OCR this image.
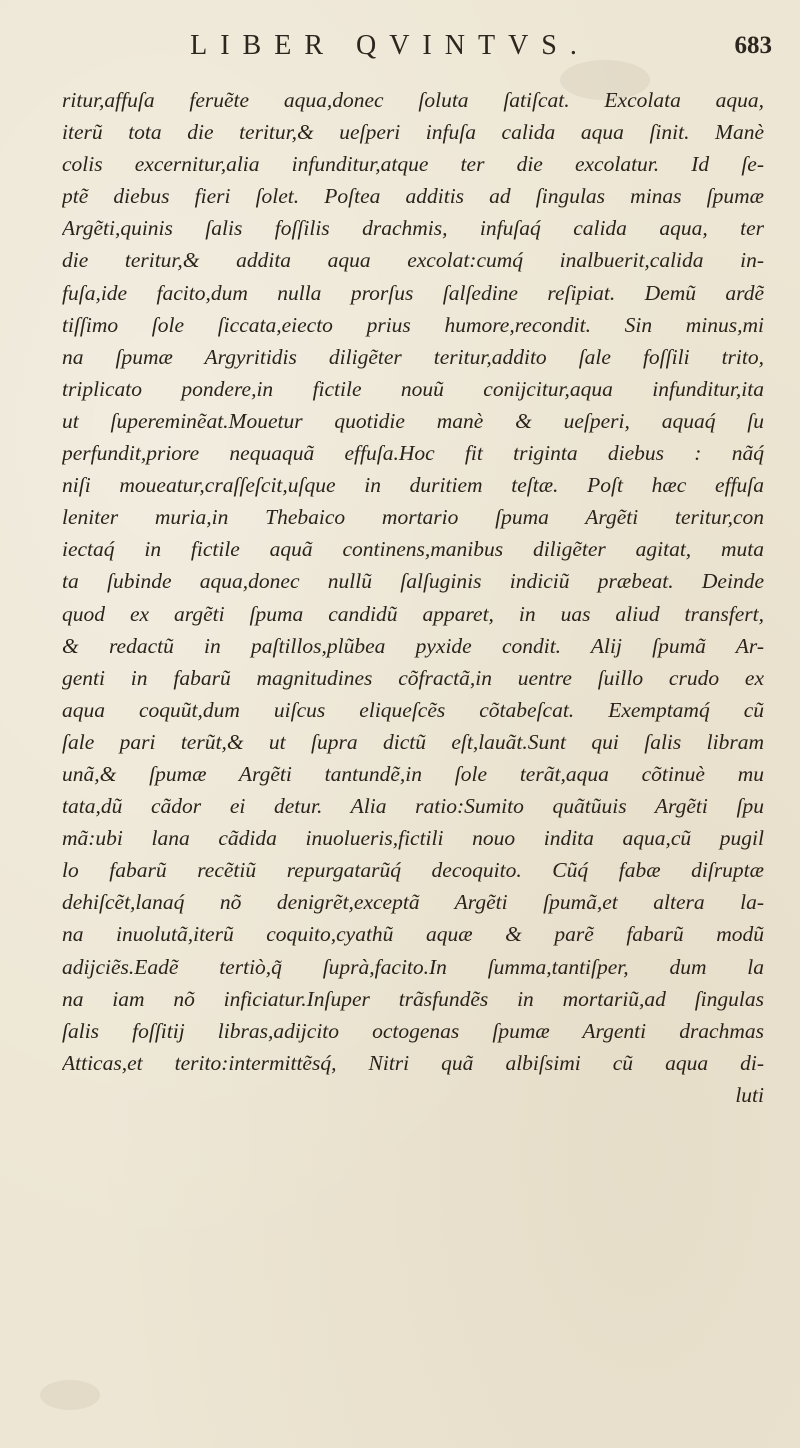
LIBER QVINTVS.	683
ritur,affuſa feruẽte aqua,donec ſoluta ſatiſcat. Excolata aqua,
iterũ tota die teritur,& ueſperi infuſa calida aqua ſinit. Manè
colis excernitur,alia infunditur,atque ter die excolatur. Id ſe-
ptẽ diebus fieri ſolet. Poſtea additis ad ſingulas minas ſpumæ
Argẽti,quinis ſalis foſſilis drachmis, infuſaq́ calida aqua, ter
die teritur,& addita aqua excolat:cumq́ inalbuerit,calida in-
fuſa,ide facito,dum nulla prorſus ſalſedine reſipiat. Demũ ardẽ
tiſſimo ſole ſiccata,eiecto prius humore,recondit. Sin minus,mi
na ſpumæ Argyritidis diligẽter teritur,addito ſale foſſili trito,
triplicato pondere,in fictile nouũ conijcitur,aqua infunditur,ita
ut ſupereminẽat.Mouetur quotidie manè & ueſperi, aquaq́ ſu
perfundit,priore nequaquã effuſa.Hoc fit triginta diebus : nãq́
niſi moueatur,craſſeſcit,uſque in duritiem teſtæ. Poſt hæc effuſa
leniter muria,in Thebaico mortario ſpuma Argẽti teritur,con
iectaq́ in fictile aquã continens,manibus diligẽter agitat, muta
ta ſubinde aqua,donec nullũ ſalſuginis indiciũ præbeat. Deinde
quod ex argẽti ſpuma candidũ apparet, in uas aliud transfert,
& redactũ in paſtillos,plũbea pyxide condit. Alij ſpumã Ar-
genti in fabarũ magnitudines cõfractã,in uentre ſuillo crudo ex
aqua coquũt,dum uiſcus eliqueſcẽs cõtabeſcat. Exemptamq́ cũ
ſale pari terũt,& ut ſupra dictũ eſt,lauãt.Sunt qui ſalis libram
unã,& ſpumæ Argẽti tantundẽ,in ſole terãt,aqua cõtinuè mu
tata,dũ cãdor ei detur. Alia ratio:Sumito quãtũuis Argẽti ſpu
mã:ubi lana cãdida inuolueris,fictili nouo indita aqua,cũ pugil
lo fabarũ recẽtiũ repurgatarũq́ decoquito. Cũq́ fabæ diſruptæ
dehiſcẽt,lanaq́ nõ denigrẽt,exceptã Argẽti ſpumã,et altera la-
na inuolutã,iterũ coquito,cyathũ aquæ & parẽ fabarũ modũ
adijciẽs.Eadẽ tertiò,q̃ ſuprà,facito.In ſumma,tantiſper, dum la
na iam nõ inficiatur.Inſuper trãsfundẽs in mortariũ,ad ſingulas
ſalis foſſitij libras,adijcito octogenas ſpumæ Argenti drachmas
Atticas,et terito:intermittẽsq́, Nitri quã albiſsimi cũ aqua di-
luti
